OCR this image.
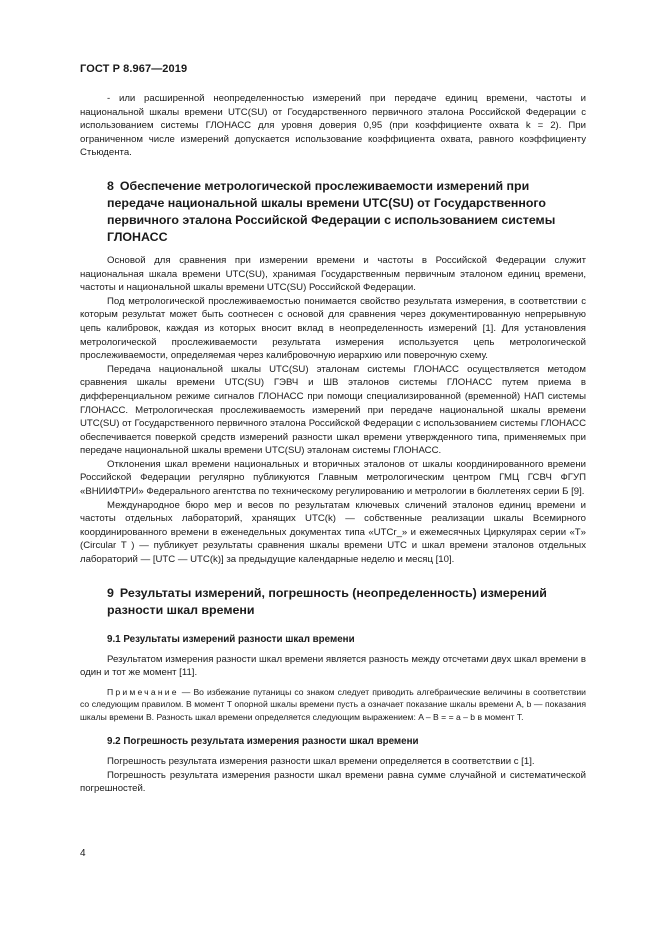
ГОСТ Р 8.967—2019

- или расширенной неопределенностью измерений при передаче единиц времени, частоты и национальной шкалы времени UTC(SU) от Государственного первичного эталона Российской Федерации с использованием системы ГЛОНАСС для уровня доверия 0,95 (при коэффициенте охвата k = 2). При ограниченном числе измерений допускается использование коэффициента охвата, равного коэффициенту Стьюдента.

8 Обеспечение метрологической прослеживаемости измерений при передаче национальной шкалы времени UTC(SU) от Государственного первичного эталона Российской Федерации с использованием системы ГЛОНАСС

Основой для сравнения при измерении времени и частоты в Российской Федерации служит национальная шкала времени UTC(SU), хранимая Государственным первичным эталоном единиц времени, частоты и национальной шкалы времени UTC(SU) Российской Федерации.

Под метрологической прослеживаемостью понимается свойство результата измерения, в соответствии с которым результат может быть соотнесен с основой для сравнения через документированную непрерывную цепь калибровок, каждая из которых вносит вклад в неопределенность измерений [1]. Для установления метрологической прослеживаемости результата измерения используется цепь метрологической прослеживаемости, определяемая через калибровочную иерархию или поверочную схему.

Передача национальной шкалы UTC(SU) эталонам системы ГЛОНАСС осуществляется методом сравнения шкалы времени UTC(SU) ГЭВЧ и ШВ эталонов системы ГЛОНАСС путем приема в дифференциальном режиме сигналов ГЛОНАСС при помощи специализированной (временной) НАП системы ГЛОНАСС. Метрологическая прослеживаемость измерений при передаче национальной шкалы времени UTC(SU) от Государственного первичного эталона Российской Федерации с использованием системы ГЛОНАСС обеспечивается поверкой средств измерений разности шкал времени утвержденного типа, применяемых при передаче национальной шкалы времени UTC(SU) эталонам системы ГЛОНАСС.

Отклонения шкал времени национальных и вторичных эталонов от шкалы координированного времени Российской Федерации регулярно публикуются Главным метрологическим центром ГМЦ ГСВЧ ФГУП «ВНИИФТРИ» Федерального агентства по техническому регулированию и метрологии в бюллетенях серии Б [9].

Международное бюро мер и весов по результатам ключевых сличений эталонов единиц времени и частоты отдельных лабораторий, хранящих UTC(k) — собственные реализации шкалы Всемирного координированного времени в еженедельных документах типа «UTCr_» и ежемесячных Циркулярах серии «T» (Circular T ) — публикует результаты сравнения шкалы времени UTC и шкал времени эталонов отдельных лабораторий — [UTC — UTC(k)] за предыдущие календарные неделю и месяц [10].

9 Результаты измерений, погрешность (неопределенность) измерений разности шкал времени
9.1 Результаты измерений разности шкал времени

Результатом измерения разности шкал времени является разность между отсчетами двух шкал времени в один и тот же момент [11].

Примечание — Во избежание путаницы со знаком следует приводить алгебраические величины в соответствии со следующим правилом. В момент T опорной шкалы времени пусть a означает показание шкалы времени A, b — показания шкалы времени B. Разность шкал времени определяется следующим выражением: A – B = = a – b в момент T.

9.2 Погрешность результата измерения разности шкал времени

Погрешность результата измерения разности шкал времени определяется в соответствии с [1].

Погрешность результата измерения разности шкал времени равна сумме случайной и систематической погрешностей.

4
